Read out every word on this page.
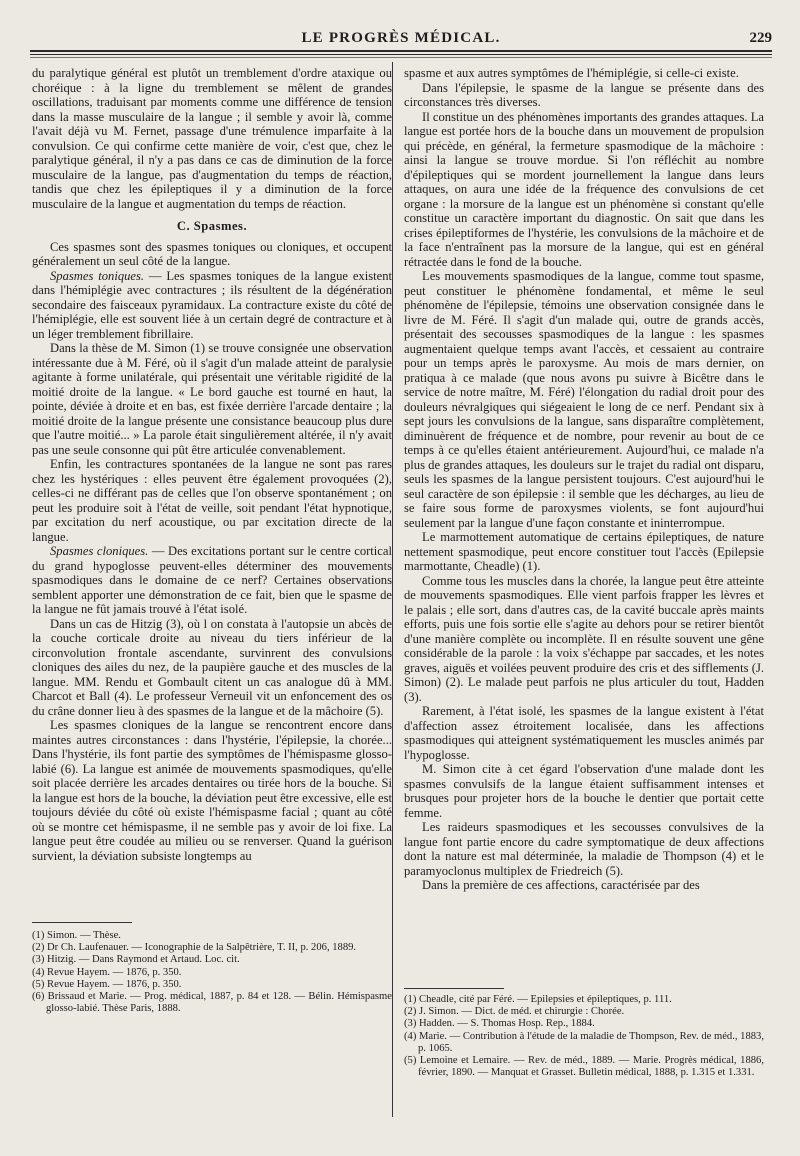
LE PROGRÈS MÉDICAL.	229

du paralytique général est plutôt un tremblement d'ordre ataxique ou choréique : à la ligne du tremblement se mêlent de grandes oscillations, traduisant par moments comme une différence de tension dans la masse musculaire de la langue ; il semble y avoir là, comme l'avait déjà vu M. Fernet, passage d'une trémulence imparfaite à la convulsion. Ce qui confirme cette manière de voir, c'est que, chez le paralytique général, il n'y a pas dans ce cas de diminution de la force musculaire de la langue, pas d'augmentation du temps de réaction, tandis que chez les épileptiques il y a diminution de la force musculaire de la langue et augmentation du temps de réaction.

C. Spasmes.

Ces spasmes sont des spasmes toniques ou cloniques, et occupent généralement un seul côté de la langue.

Spasmes toniques. — Les spasmes toniques de la langue existent dans l'hémiplégie avec contractures ; ils résultent de la dégénération secondaire des faisceaux pyramidaux. La contracture existe du côté de l'hémiplégie, elle est souvent liée à un certain degré de contracture et à un léger tremblement fibrillaire.

Dans la thèse de M. Simon (1) se trouve consignée une observation intéressante due à M. Féré, où il s'agit d'un malade atteint de paralysie agitante à forme unilatérale, qui présentait une véritable rigidité de la moitié droite de la langue. « Le bord gauche est tourné en haut, la pointe, déviée à droite et en bas, est fixée derrière l'arcade dentaire ; la moitié droite de la langue présente une consistance beaucoup plus dure que l'autre moitié... » La parole était singulièrement altérée, il n'y avait pas une seule consonne qui pût être articulée convenablement.

Enfin, les contractures spontanées de la langue ne sont pas rares chez les hystériques : elles peuvent être également provoquées (2), celles-ci ne différant pas de celles que l'on observe spontanément ; on peut les produire soit à l'état de veille, soit pendant l'état hypnotique, par excitation du nerf acoustique, ou par excitation directe de la langue.

Spasmes cloniques. — Des excitations portant sur le centre cortical du grand hypoglosse peuvent-elles déterminer des mouvements spasmodiques dans le domaine de ce nerf? Certaines observations semblent apporter une démonstration de ce fait, bien que le spasme de la langue ne fût jamais trouvé à l'état isolé.

Dans un cas de Hitzig (3), où l on constata à l'autopsie un abcès de la couche corticale droite au niveau du tiers inférieur de la circonvolution frontale ascendante, survinrent des convulsions cloniques des ailes du nez, de la paupière gauche et des muscles de la langue. MM. Rendu et Gombault citent un cas analogue dû à MM. Charcot et Ball (4). Le professeur Verneuil vit un enfoncement des os du crâne donner lieu à des spasmes de la langue et de la mâchoire (5).

Les spasmes cloniques de la langue se rencontrent encore dans maintes autres circonstances : dans l'hystérie, l'épilepsie, la chorée... Dans l'hystérie, ils font partie des symptômes de l'hémispasme glosso-labié (6). La langue est animée de mouvements spasmodiques, qu'elle soit placée derrière les arcades dentaires ou tirée hors de la bouche. Si la langue est hors de la bouche, la déviation peut être excessive, elle est toujours déviée du côté où existe l'hémispasme facial ; quant au côté où se montre cet hémispasme, il ne semble pas y avoir de loi fixe. La langue peut être coudée au milieu ou se renverser. Quand la guérison survient, la déviation subsiste longtemps au

spasme et aux autres symptômes de l'hémiplégie, si celle-ci existe.

Dans l'épilepsie, le spasme de la langue se présente dans des circonstances très diverses.

Il constitue un des phénomènes importants des grandes attaques. La langue est portée hors de la bouche dans un mouvement de propulsion qui précède, en général, la fermeture spasmodique de la mâchoire : ainsi la langue se trouve mordue. Si l'on réfléchit au nombre d'épileptiques qui se mordent journellement la langue dans leurs attaques, on aura une idée de la fréquence des convulsions de cet organe : la morsure de la langue est un phénomène si constant qu'elle constitue un caractère important du diagnostic. On sait que dans les crises épileptiformes de l'hystérie, les convulsions de la mâchoire et de la face n'entraînent pas la morsure de la langue, qui est en général rétractée dans le fond de la bouche.

Les mouvements spasmodiques de la langue, comme tout spasme, peut constituer le phénomène fondamental, et même le seul phénomène de l'épilepsie, témoins une observation consignée dans le livre de M. Féré. Il s'agit d'un malade qui, outre de grands accès, présentait des secousses spasmodiques de la langue : les spasmes augmentaient quelque temps avant l'accès, et cessaient au contraire pour un temps après le paroxysme. Au mois de mars dernier, on pratiqua à ce malade (que nous avons pu suivre à Bicêtre dans le service de notre maître, M. Féré) l'élongation du radial droit pour des douleurs névralgiques qui siégeaient le long de ce nerf. Pendant six à sept jours les convulsions de la langue, sans disparaître complètement, diminuèrent de fréquence et de nombre, pour revenir au bout de ce temps à ce qu'elles étaient antérieurement. Aujourd'hui, ce malade n'a plus de grandes attaques, les douleurs sur le trajet du radial ont disparu, seuls les spasmes de la langue persistent toujours. C'est aujourd'hui le seul caractère de son épilepsie : il semble que les décharges, au lieu de se faire sous forme de paroxysmes violents, se font aujourd'hui seulement par la langue d'une façon constante et ininterrompue.

Le marmottement automatique de certains épileptiques, de nature nettement spasmodique, peut encore constituer tout l'accès (Epilepsie marmottante, Cheadle) (1).

Comme tous les muscles dans la chorée, la langue peut être atteinte de mouvements spasmodiques. Elle vient parfois frapper les lèvres et le palais ; elle sort, dans d'autres cas, de la cavité buccale après maints efforts, puis une fois sortie elle s'agite au dehors pour se retirer bientôt d'une manière complète ou incomplète. Il en résulte souvent une gêne considérable de la parole : la voix s'échappe par saccades, et les notes graves, aiguës et voilées peuvent produire des cris et des sifflements (J. Simon) (2). Le malade peut parfois ne plus articuler du tout, Hadden (3).

Rarement, à l'état isolé, les spasmes de la langue existent à l'état d'affection assez étroitement localisée, dans les affections spasmodiques qui atteignent systématiquement les muscles animés par l'hypoglosse.

M. Simon cite à cet égard l'observation d'une malade dont les spasmes convulsifs de la langue étaient suffisamment intenses et brusques pour projeter hors de la bouche le dentier que portait cette femme.

Les raideurs spasmodiques et les secousses convulsives de la langue font partie encore du cadre symptomatique de deux affections dont la nature est mal déterminée, la maladie de Thompson (4) et le paramyoclonus multiplex de Friedreich (5).

Dans la première de ces affections, caractérisée par des

(1) Simon. — Thèse.

(2) Dr Ch. Laufenauer. — Iconographie de la Salpêtrière, T. II, p. 206, 1889.

(3) Hitzig. — Dans Raymond et Artaud. Loc. cit.

(4) Revue Hayem. — 1876, p. 350.

(5) Revue Hayem. — 1876, p. 350.

(6) Brissaud et Marie. — Prog. médical, 1887, p. 84 et 128. — Bélin. Hémispasme glosso-labié. Thèse Paris, 1888.

(1) Cheadle, cité par Féré. — Epilepsies et épileptiques, p. 111.

(2) J. Simon. — Dict. de méd. et chirurgie : Chorée.

(3) Hadden. — S. Thomas Hosp. Rep., 1884.

(4) Marie. — Contribution à l'étude de la maladie de Thompson, Rev. de méd., 1883, p. 1065.

(5) Lemoine et Lemaire. — Rev. de méd., 1889. — Marie. Progrès médical, 1886, février, 1890. — Manquat et Grasset. Bulletin médical, 1888, p. 1.315 et 1.331.
